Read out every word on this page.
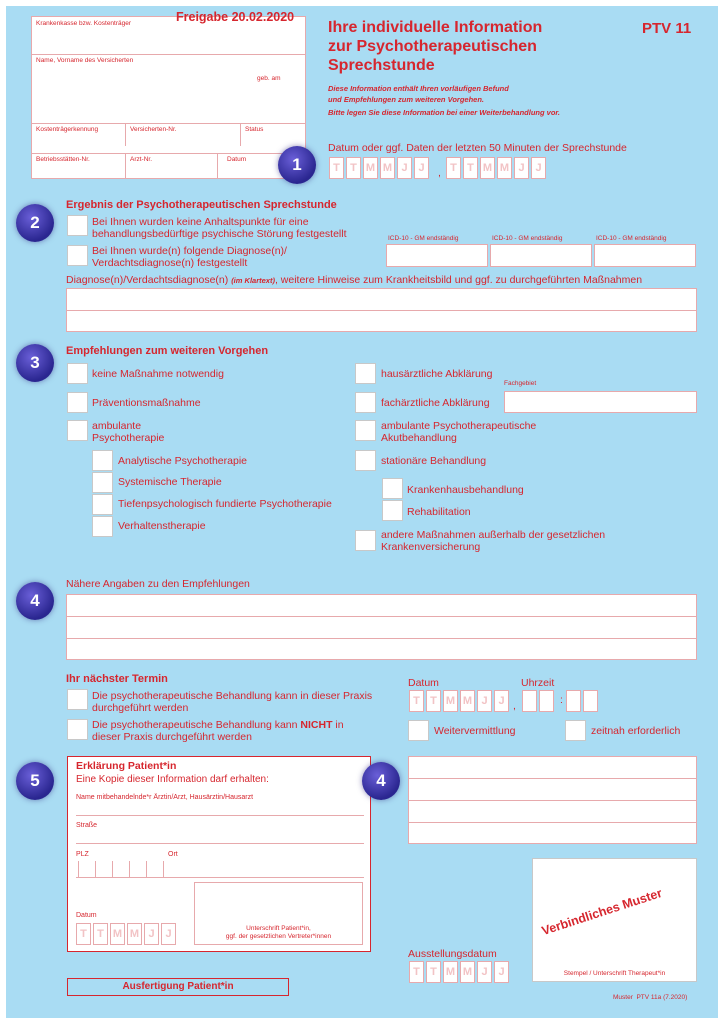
Krankenkasse bzw. Kostenträger
Name, Vorname des Versicherten
geb. am
Kostenträgerkennung	Versicherten-Nr.	Status
Betriebsstätten-Nr.	Arzt-Nr.	Datum
Freigabe 20.02.2020
Ihre individuelle Information
zur Psychotherapeutischen
Sprechstunde
PTV 11
Diese Information enthält Ihren vorläufigen Befund
und Empfehlungen zum weiteren Vorgehen.
Bitte legen Sie diese Information bei einer Weiterbehandlung vor.
1
Datum oder ggf. Daten der letzten 50 Minuten der Sprechstunde
T T M M J J	, T T M M J J
2
Ergebnis der Psychotherapeutischen Sprechstunde
Bei Ihnen wurden keine Anhaltspunkte für eine
behandlungsbedürftige psychische Störung festgestellt
Bei Ihnen wurde(n) folgende Diagnose(n)/
Verdachtsdiagnose(n) festgestellt
ICD-10 - GM endständig	ICD-10 - GM endständig	ICD-10 - GM endständig
Diagnose(n)/Verdachtsdiagnose(n) (im Klartext), weitere Hinweise zum Krankheitsbild und ggf. zu durchgeführten Maßnahmen
3
Empfehlungen zum weiteren Vorgehen
keine Maßnahme notwendig
Präventionsmaßnahme
ambulante
Psychotherapie
Analytische Psychotherapie
Systemische Therapie
Tiefenpsychologisch fundierte Psychotherapie
Verhaltenstherapie
hausärztliche Abklärung
Fachgebiet
fachärztliche Abklärung
ambulante Psychotherapeutische
Akutbehandlung
stationäre Behandlung
Krankenhausbehandlung
Rehabilitation
andere Maßnahmen außerhalb der gesetzlichen
Krankenversicherung
4
Nähere Angaben zu den Empfehlungen
Ihr nächster Termin
Die psychotherapeutische Behandlung kann in dieser Praxis
durchgeführt werden
Die psychotherapeutische Behandlung kann NICHT in
dieser Praxis durchgeführt werden
Datum	Uhrzeit
T T M M J J ,	:
Weitervermittlung	zeitnah erforderlich
5
Erklärung Patient*in
Eine Kopie dieser Information darf erhalten:
Name mitbehandelnde*r Ärztin/Arzt, Hausärztin/Hausarzt
Straße
PLZ	Ort
Datum
T T M M J J	Unterschrift Patient*in,
ggf. der gesetzlichen Vertreter*innen
4
Verbindliches Muster
Stempel / Unterschrift Therapeut*in
Ausstellungsdatum
T T M M J J
Ausfertigung Patient*in
Muster  PTV 11a (7.2020)
